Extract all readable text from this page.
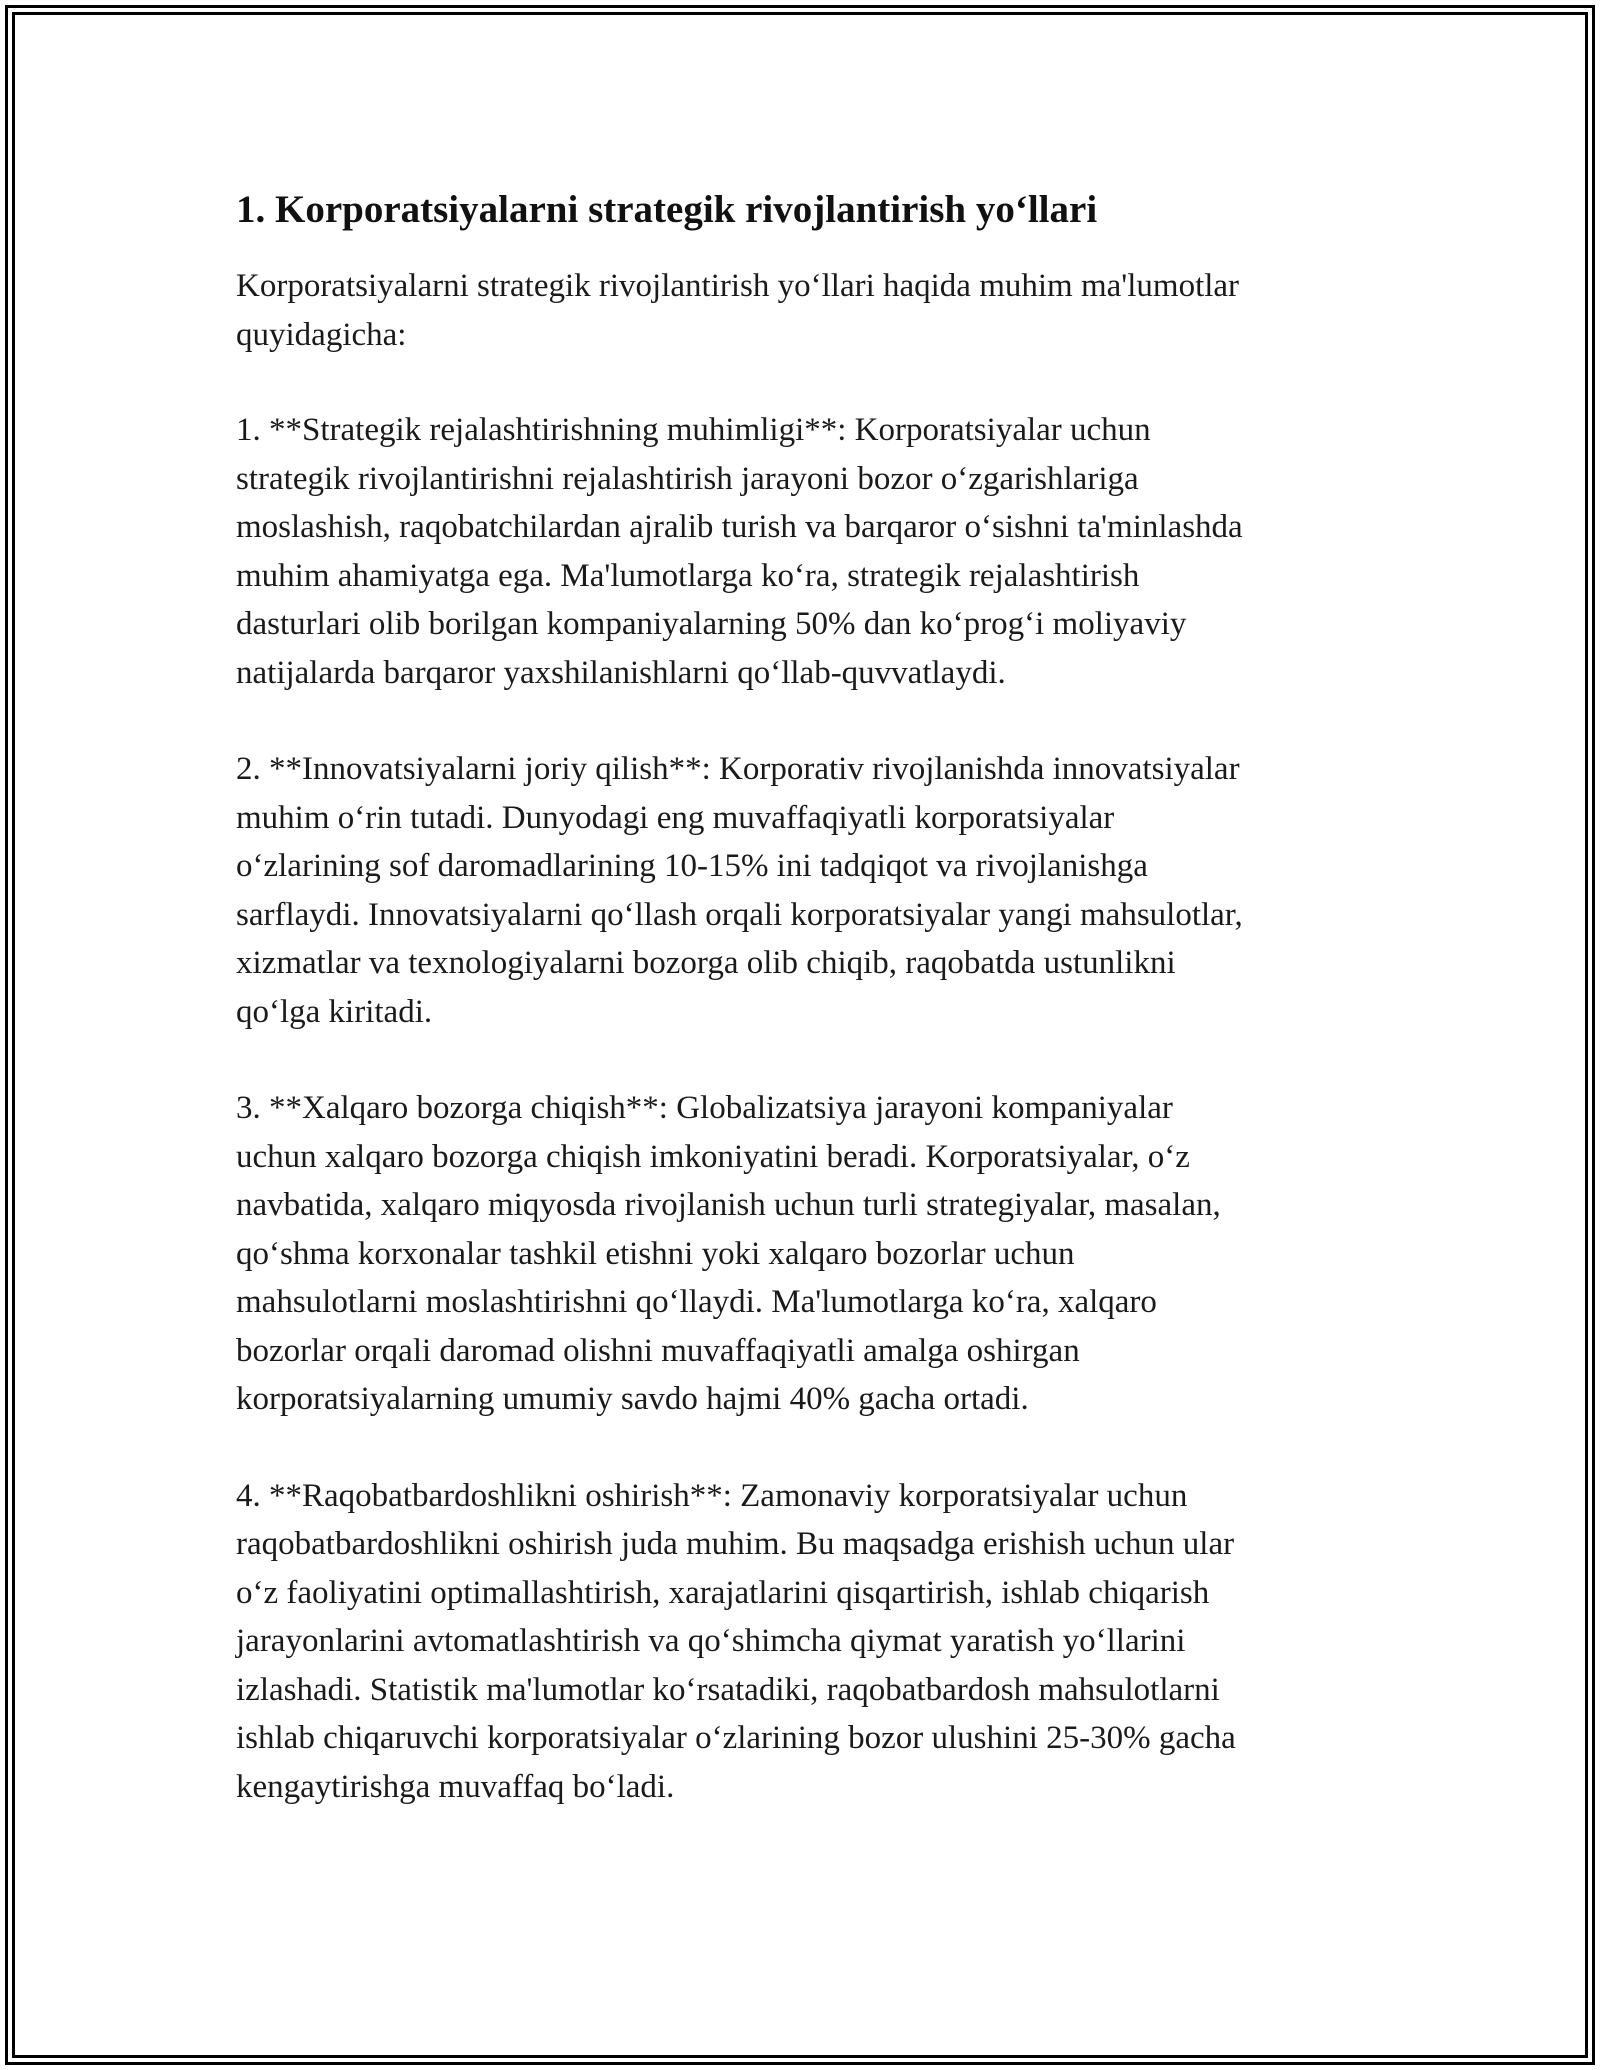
1. Korporatsiyalarni strategik rivojlantirish yo‘llari

Korporatsiyalarni strategik rivojlantirish yo‘llari haqida muhim ma'lumotlar
quyidagicha:

1. **Strategik rejalashtirishning muhimligi**: Korporatsiyalar uchun
strategik rivojlantirishni rejalashtirish jarayoni bozor o‘zgarishlariga
moslashish, raqobatchilardan ajralib turish va barqaror o‘sishni ta'minlashda
muhim ahamiyatga ega. Ma'lumotlarga ko‘ra, strategik rejalashtirish
dasturlari olib borilgan kompaniyalarning 50% dan ko‘prog‘i moliyaviy
natijalarda barqaror yaxshilanishlarni qo‘llab-quvvatlaydi.

2. **Innovatsiyalarni joriy qilish**: Korporativ rivojlanishda innovatsiyalar
muhim o‘rin tutadi. Dunyodagi eng muvaffaqiyatli korporatsiyalar
o‘zlarining sof daromadlarining 10-15% ini tadqiqot va rivojlanishga
sarflaydi. Innovatsiyalarni qo‘llash orqali korporatsiyalar yangi mahsulotlar,
xizmatlar va texnologiyalarni bozorga olib chiqib, raqobatda ustunlikni
qo‘lga kiritadi.

3. **Xalqaro bozorga chiqish**: Globalizatsiya jarayoni kompaniyalar
uchun xalqaro bozorga chiqish imkoniyatini beradi. Korporatsiyalar, o‘z
navbatida, xalqaro miqyosda rivojlanish uchun turli strategiyalar, masalan,
qo‘shma korxonalar tashkil etishni yoki xalqaro bozorlar uchun
mahsulotlarni moslashtirishni qo‘llaydi. Ma'lumotlarga ko‘ra, xalqaro
bozorlar orqali daromad olishni muvaffaqiyatli amalga oshirgan
korporatsiyalarning umumiy savdo hajmi 40% gacha ortadi.

4. **Raqobatbardoshlikni oshirish**: Zamonaviy korporatsiyalar uchun
raqobatbardoshlikni oshirish juda muhim. Bu maqsadga erishish uchun ular
o‘z faoliyatini optimallashtirish, xarajatlarini qisqartirish, ishlab chiqarish
jarayonlarini avtomatlashtirish va qo‘shimcha qiymat yaratish yo‘llarini
izlashadi. Statistik ma'lumotlar ko‘rsatadiki, raqobatbardosh mahsulotlarni
ishlab chiqaruvchi korporatsiyalar o‘zlarining bozor ulushini 25-30% gacha
kengaytirishga muvaffaq bo‘ladi.
